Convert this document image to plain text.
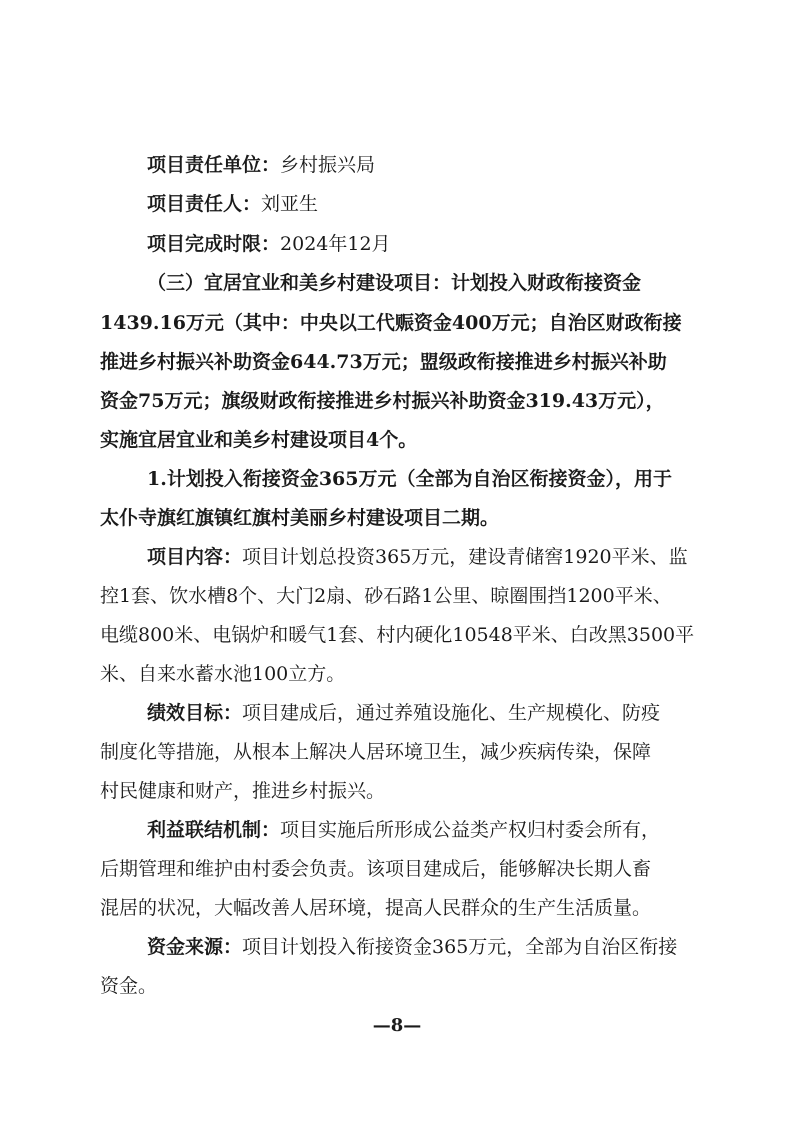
项目责任单位：乡村振兴局
项目责任人：刘亚生
项目完成时限：2024年12月
（三）宜居宜业和美乡村建设项目：计划投入财政衔接资金
1439.16万元（其中：中央以工代赈资金400万元；自治区财政衔接
推进乡村振兴补助资金644.73万元；盟级政衔接推进乡村振兴补助
资金75万元；旗级财政衔接推进乡村振兴补助资金319.43万元），
实施宜居宜业和美乡村建设项目4个。
1.计划投入衔接资金365万元（全部为自治区衔接资金），用于
太仆寺旗红旗镇红旗村美丽乡村建设项目二期。
项目内容：项目计划总投资365万元，建设青储窖1920平米、监
控1套、饮水槽8个、大门2扇、砂石路1公里、晾圈围挡1200平米、
电缆800米、电锅炉和暖气1套、村内硬化10548平米、白改黑3500平
米、自来水蓄水池100立方。
绩效目标：项目建成后，通过养殖设施化、生产规模化、防疫
制度化等措施，从根本上解决人居环境卫生，减少疾病传染，保障
村民健康和财产，推进乡村振兴。
利益联结机制：项目实施后所形成公益类产权归村委会所有，
后期管理和维护由村委会负责。该项目建成后，能够解决长期人畜
混居的状况，大幅改善人居环境，提高人民群众的生产生活质量。
资金来源：项目计划投入衔接资金365万元，全部为自治区衔接
资金。
—8—
